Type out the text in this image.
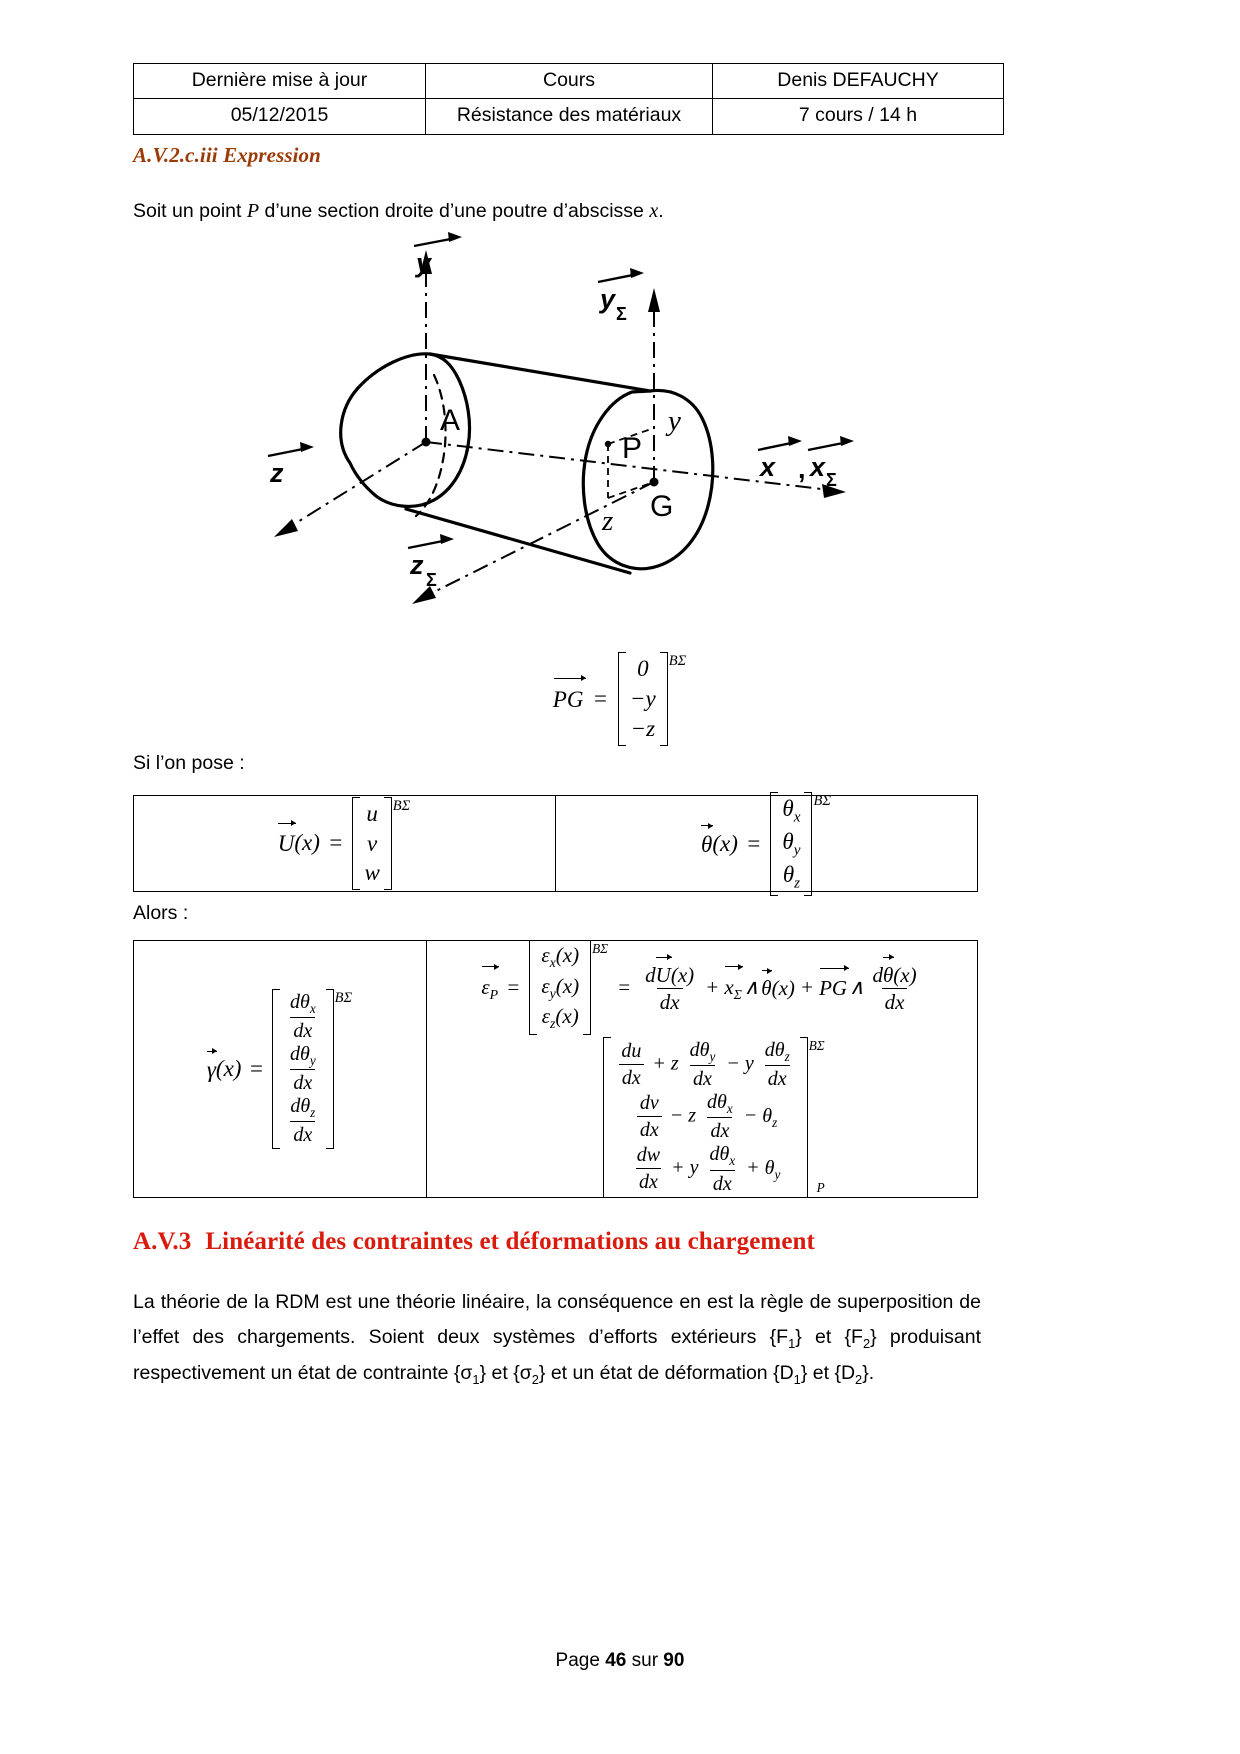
Dernière mise à jour	Cours	Denis DEFAUCHY
05/12/2015	Résistance des matériaux	7 cours / 14 h
A.V.2.c.iii Expression
Soit un point P d’une section droite d’une poutre d’abscisse x.
y
y Σ
z
z Σ
x , x Σ
A
P
G
y
z
PG =
0
−y
−z
BΣ
Si l’on pose :
U (x) =
u
v
w
BΣ
θ (x) =
$\theta_x$
$\theta_y$
$\theta_z$
BΣ
Alors :
γ (x) =
$\frac{d\theta_x}{dx}$
$\frac{d\theta_y}{dx}$
$\frac{d\theta_z}{dx}$
BΣ	$\varepsilon_P$ =
$\varepsilon_x(x)$
$\varepsilon_y(x)$
$\varepsilon_z(x)$
BΣ
= $\frac{dU(x)}{dx} + x_\Sigma$ ∧ θ(x) + PG ∧ $\frac{d\theta(x)}{dx}$
$\frac{du}{dx} + z \frac{d\theta_y}{dx} - y \frac{d\theta_z}{dx}$
$\frac{dv}{dx} - z \frac{d\theta_x}{dx} - \theta_z$
$\frac{dw}{dx} + y \frac{d\theta_x}{dx} + \theta_y$
BΣ
P
A.V.3 Linéarité des contraintes et déformations au chargement
La théorie de la RDM est une théorie linéaire, la conséquence en est la règle de superposition de l’effet des chargements. Soient deux systèmes d’efforts extérieurs $\{F_1\}$ et $\{F_2\}$ produisant respectivement un état de contrainte $\{\sigma_1\}$ et $\{\sigma_2\}$ et un état de déformation $\{D_1\}$ et $\{D_2\}$.
Page 46 sur 90
